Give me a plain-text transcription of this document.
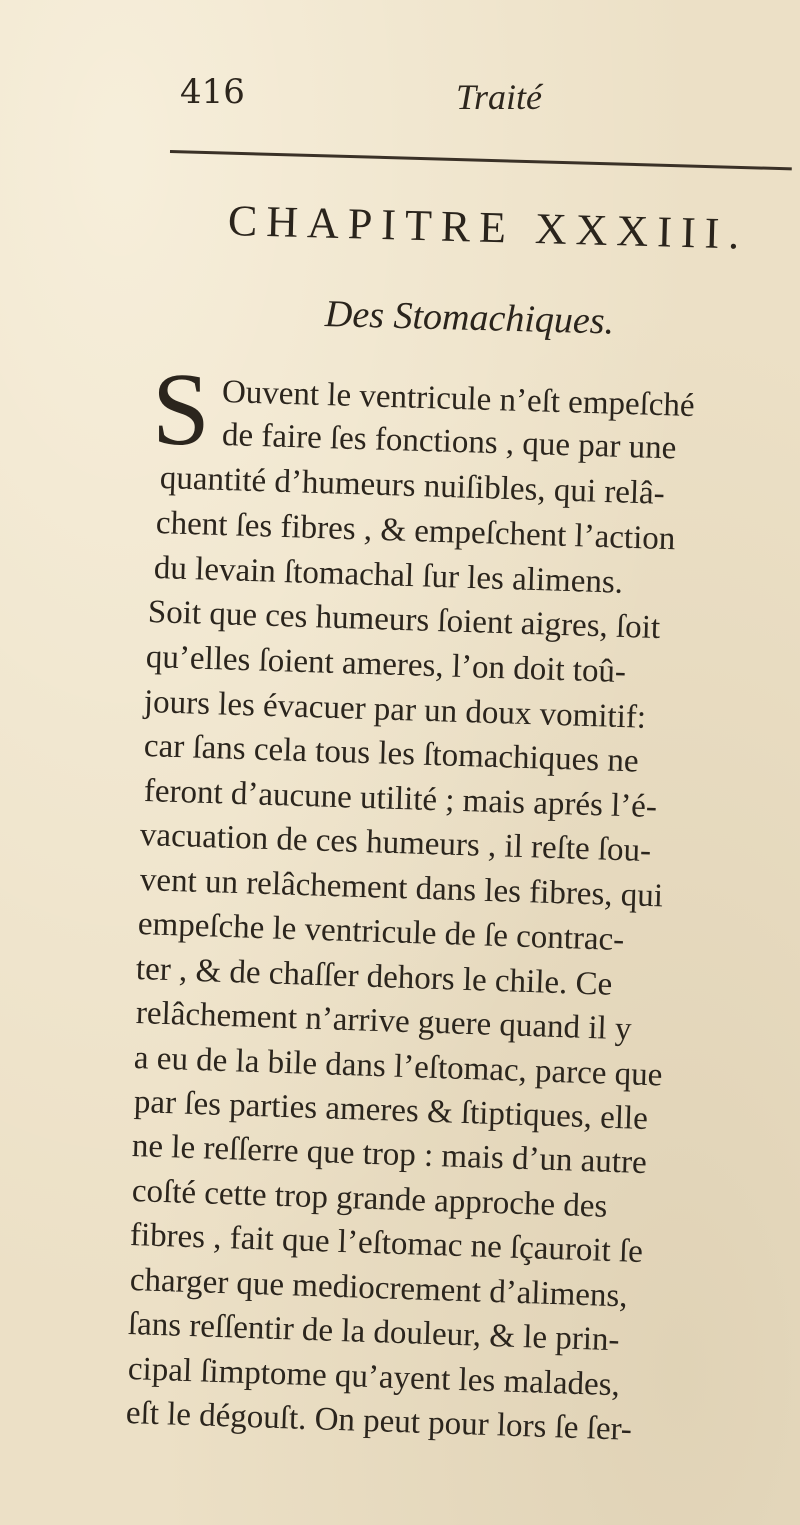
416	Traité
CHAPITRE XXXIII.
Des Stomachiques.
S Ouvent le ventricule n’eſt empeſché
de faire ſes fonctions , que par une
quantité d’humeurs nuiſibles, qui relâ-
chent ſes fibres , & empeſchent l’action
du levain ſtomachal ſur les alimens.
Soit que ces humeurs ſoient aigres, ſoit
qu’elles ſoient ameres, l’on doit toû-
jours les évacuer par un doux vomitif:
car ſans cela tous les ſtomachiques ne
feront d’aucune utilité ; mais aprés l’é-
vacuation de ces humeurs , il reſte ſou-
vent un relâchement dans les fibres, qui
empeſche le ventricule de ſe contrac-
ter , & de chaſſer dehors le chile. Ce
relâchement n’arrive guere quand il y
a eu de la bile dans l’eſtomac, parce que
par ſes parties ameres & ſtiptiques, elle
ne le reſſerre que trop : mais d’un autre
coſté cette trop grande approche des
fibres , fait que l’eſtomac ne ſçauroit ſe
charger que mediocrement d’alimens,
ſans reſſentir de la douleur, & le prin-
cipal ſimptome qu’ayent les malades,
eſt le dégouſt. On peut pour lors ſe ſer-
